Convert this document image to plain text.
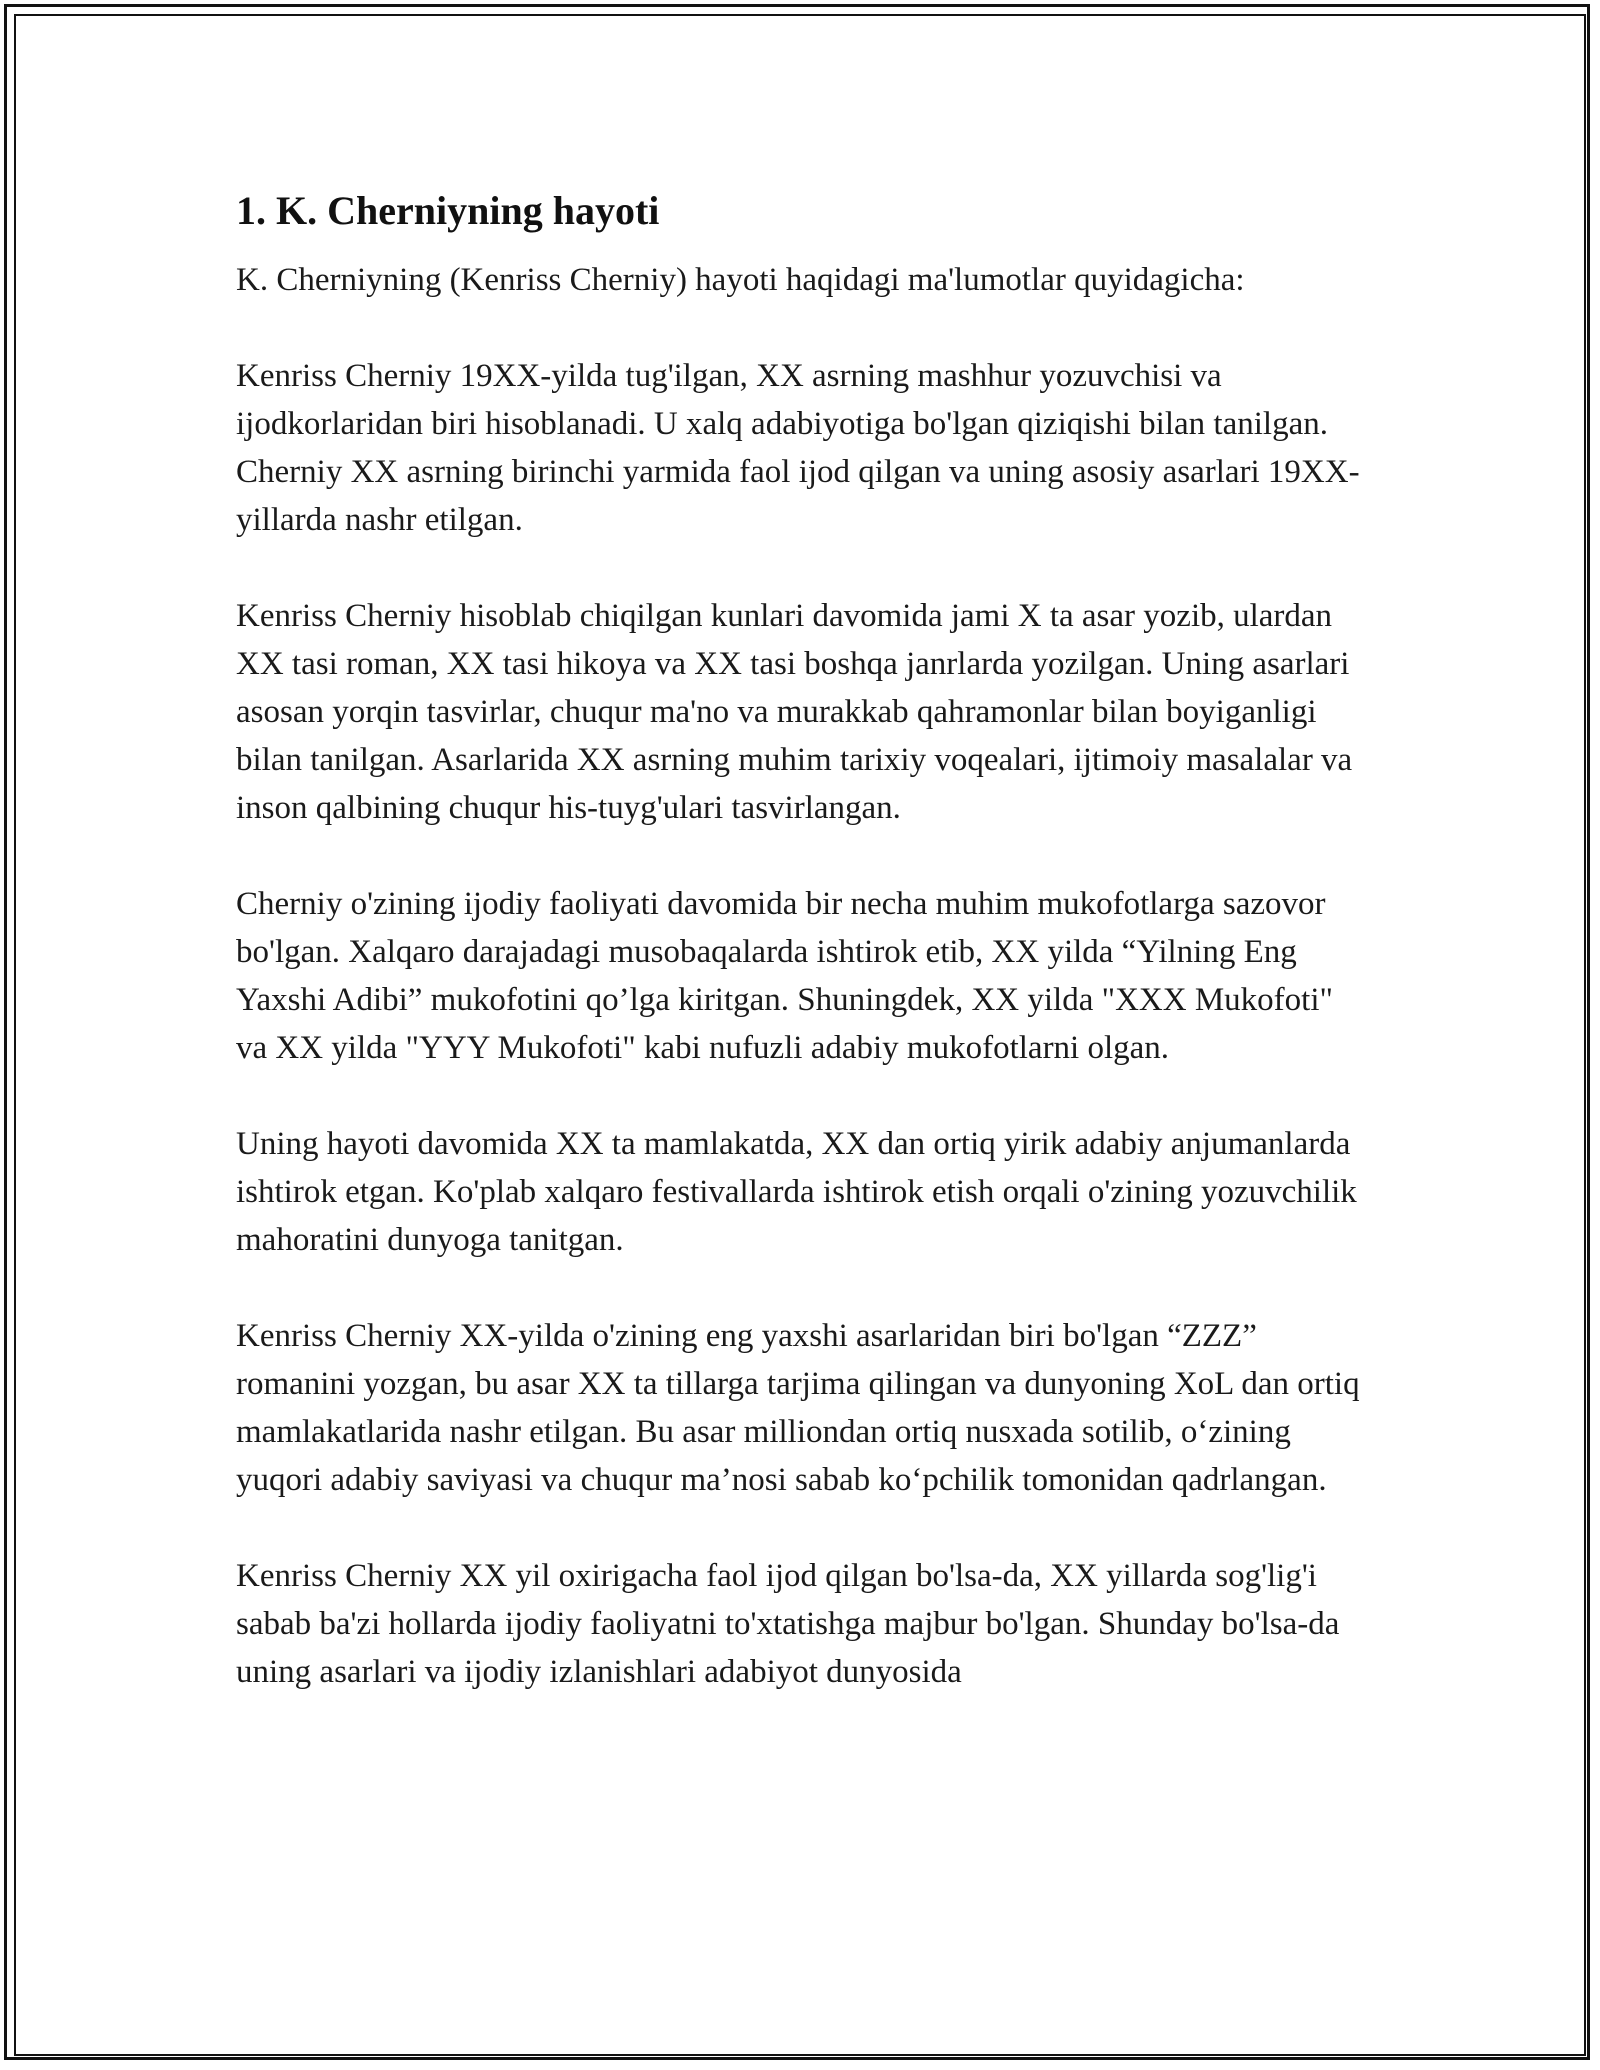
1. K. Cherniyning hayoti

K. Cherniyning (Kenriss Cherniy) hayoti haqidagi ma'lumotlar quyidagicha:

Kenriss Cherniy 19XX-yilda tug'ilgan, XX asrning mashhur yozuvchisi va ijodkorlaridan biri hisoblanadi. U xalq adabiyotiga bo'lgan qiziqishi bilan tanilgan. Cherniy XX asrning birinchi yarmida faol ijod qilgan va uning asosiy asarlari 19XX-yillarda nashr etilgan.

Kenriss Cherniy hisoblab chiqilgan kunlari davomida jami X ta asar yozib, ulardan XX tasi roman, XX tasi hikoya va XX tasi boshqa janrlarda yozilgan. Uning asarlari asosan yorqin tasvirlar, chuqur ma'no va murakkab qahramonlar bilan boyiganligi bilan tanilgan. Asarlarida XX asrning muhim tarixiy voqealari, ijtimoiy masalalar va inson qalbining chuqur his-tuyg'ulari tasvirlangan.

Cherniy o'zining ijodiy faoliyati davomida bir necha muhim mukofotlarga sazovor bo'lgan. Xalqaro darajadagi musobaqalarda ishtirok etib, XX yilda “Yilning Eng Yaxshi Adibi” mukofotini qo’lga kiritgan. Shuningdek, XX yilda "XXX Mukofoti" va XX yilda "YYY Mukofoti" kabi nufuzli adabiy mukofotlarni olgan.

Uning hayoti davomida XX ta mamlakatda, XX dan ortiq yirik adabiy anjumanlarda ishtirok etgan. Ko'plab xalqaro festivallarda ishtirok etish orqali o'zining yozuvchilik mahoratini dunyoga tanitgan.

Kenriss Cherniy XX-yilda o'zining eng yaxshi asarlaridan biri bo'lgan “ZZZ” romanini yozgan, bu asar XX ta tillarga tarjima qilingan va dunyoning XoL dan ortiq mamlakatlarida nashr etilgan. Bu asar milliondan ortiq nusxada sotilib, o‘zining yuqori adabiy saviyasi va chuqur ma’nosi sabab ko‘pchilik tomonidan qadrlangan.

Kenriss Cherniy XX yil oxirigacha faol ijod qilgan bo'lsa-da, XX yillarda sog'lig'i sabab ba'zi hollarda ijodiy faoliyatni to'xtatishga majbur bo'lgan. Shunday bo'lsa-da uning asarlari va ijodiy izlanishlari adabiyot dunyosida
